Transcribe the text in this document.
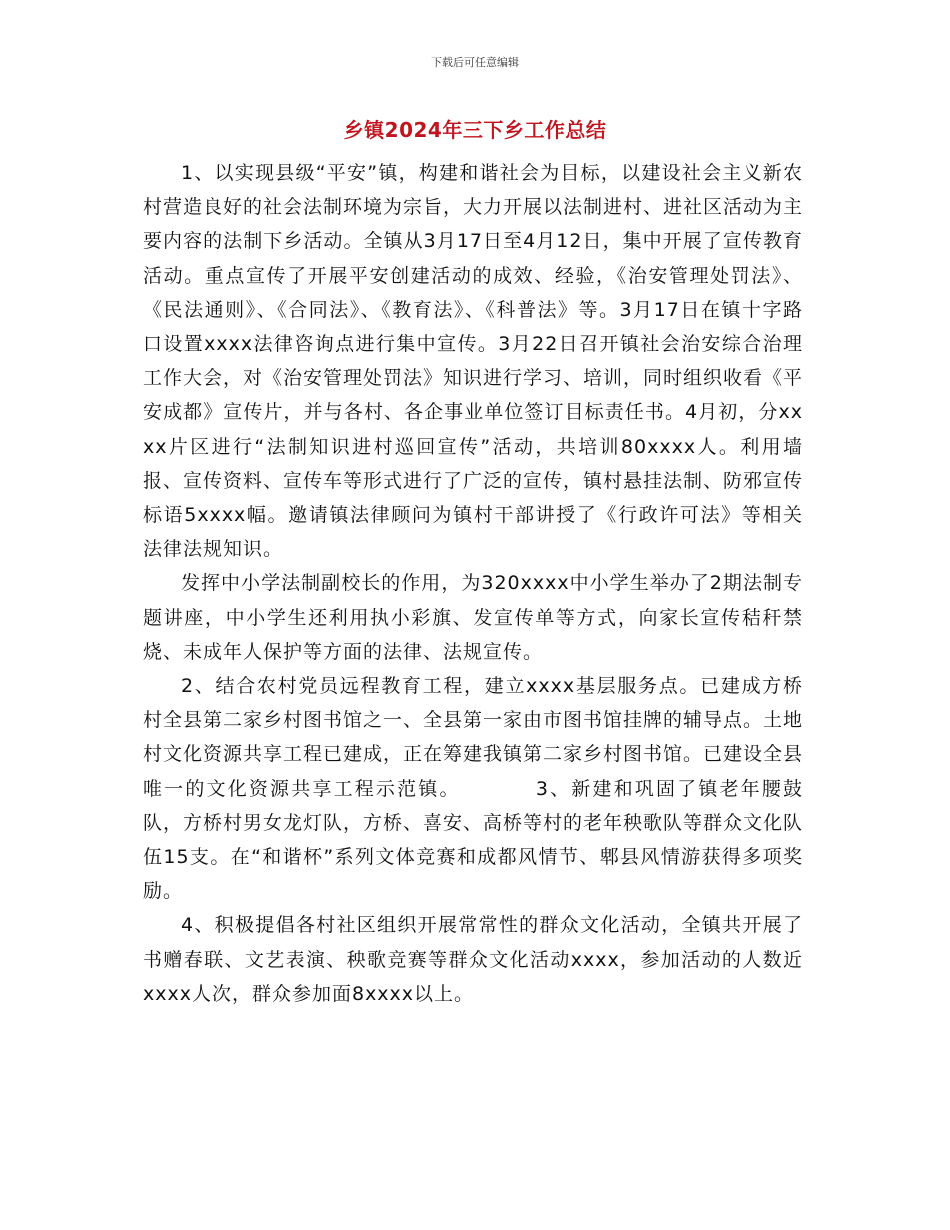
下载后可任意编辑
乡镇2024年三下乡工作总结

1、以实现县级“平安”镇，构建和谐社会为目标，以建设社会主义新农村营造良好的社会法制环境为宗旨，大力开展以法制进村、进社区活动为主要内容的法制下乡活动。全镇从3月17日至4月12日，集中开展了宣传教育活动。重点宣传了开展平安创建活动的成效、经验，《治安管理处罚法》、《民法通则》、《合同法》、《教育法》、《科普法》等。3月17日在镇十字路口设置xxxx法律咨询点进行集中宣传。3月22日召开镇社会治安综合治理工作大会，对《治安管理处罚法》知识进行学习、培训，同时组织收看《平安成都》宣传片，并与各村、各企事业单位签订目标责任书。4月初，分xxxx片区进行“法制知识进村巡回宣传”活动，共培训80xxxx人。利用墙报、宣传资料、宣传车等形式进行了广泛的宣传，镇村悬挂法制、防邪宣传标语5xxxx幅。邀请镇法律顾问为镇村干部讲授了《行政许可法》等相关法律法规知识。

发挥中小学法制副校长的作用，为320xxxx中小学生举办了2期法制专题讲座，中小学生还利用执小彩旗、发宣传单等方式，向家长宣传秸秆禁烧、未成年人保护等方面的法律、法规宣传。

2、结合农村党员远程教育工程，建立xxxx基层服务点。已建成方桥村全县第二家乡村图书馆之一、全县第一家由市图书馆挂牌的辅导点。土地村文化资源共享工程已建成，正在筹建我镇第二家乡村图书馆。已建设全县唯一的文化资源共享工程示范镇。　　　　3、新建和巩固了镇老年腰鼓队，方桥村男女龙灯队，方桥、喜安、高桥等村的老年秧歌队等群众文化队伍15支。在“和谐杯”系列文体竞赛和成都风情节、郫县风情游获得多项奖励。

4、积极提倡各村社区组织开展常常性的群众文化活动，全镇共开展了书赠春联、文艺表演、秧歌竞赛等群众文化活动xxxx，参加活动的人数近xxxx人次，群众参加面8xxxx以上。
